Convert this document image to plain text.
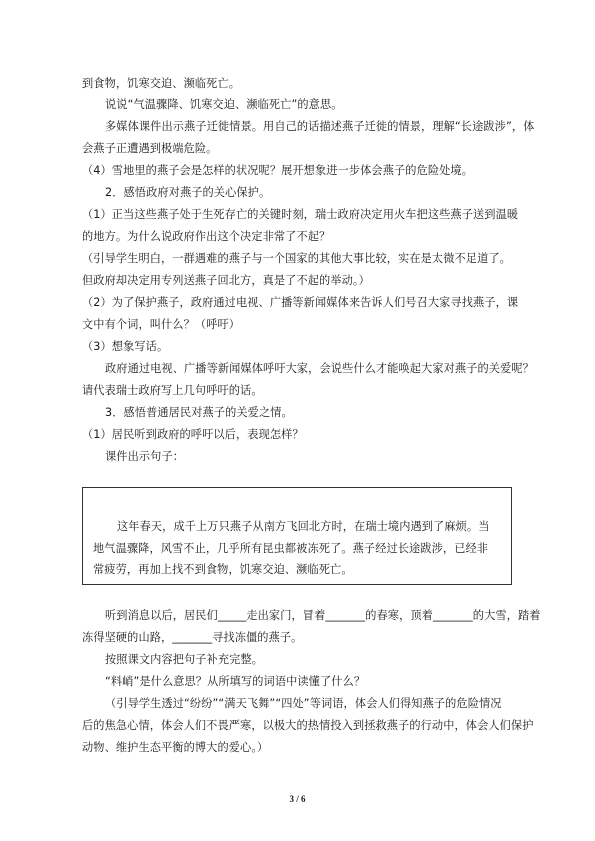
到食物，饥寒交迫、濒临死亡。
说说“气温骤降、饥寒交迫、濒临死亡”的意思。
多媒体课件出示燕子迁徙情景。用自己的话描述燕子迁徙的情景，理解“长途跋涉”，体
会燕子正遭遇到极端危险。
（4）雪地里的燕子会是怎样的状况呢？展开想象进一步体会燕子的危险处境。
2．感悟政府对燕子的关心保护。
（1）正当这些燕子处于生死存亡的关键时刻，瑞士政府决定用火车把这些燕子送到温暖
的地方。为什么说政府作出这个决定非常了不起？
（引导学生明白，一群遇难的燕子与一个国家的其他大事比较，实在是太微不足道了。
但政府却决定用专列送燕子回北方，真是了不起的举动。）
（2）为了保护燕子，政府通过电视、广播等新闻媒体来告诉人们号召大家寻找燕子，课
文中有个词，叫什么？（呼吁）
（3）想象写话。
政府通过电视、广播等新闻媒体呼吁大家，会说些什么才能唤起大家对燕子的关爱呢？
请代表瑞士政府写上几句呼吁的话。
3．感悟普通居民对燕子的关爱之情。
（1）居民听到政府的呼吁以后，表现怎样？
课件出示句子：
这年春天，成千上万只燕子从南方飞回北方时，在瑞士境内遇到了麻烦。当
地气温骤降，风雪不止，几乎所有昆虫都被冻死了。燕子经过长途跋涉，已经非
常疲劳，再加上找不到食物，饥寒交迫、濒临死亡。
听到消息以后，居民们_____走出家门，冒着_______的春寒，顶着_______的大雪，踏着
冻得坚硬的山路，_______寻找冻僵的燕子。
按照课文内容把句子补充完整。
“料峭”是什么意思？从所填写的词语中读懂了什么？
（引导学生透过“纷纷”“满天飞舞”“四处”等词语，体会人们得知燕子的危险情况
后的焦急心情，体会人们不畏严寒，以极大的热情投入到拯救燕子的行动中，体会人们保护
动物、维护生态平衡的博大的爱心。）
3 / 6
